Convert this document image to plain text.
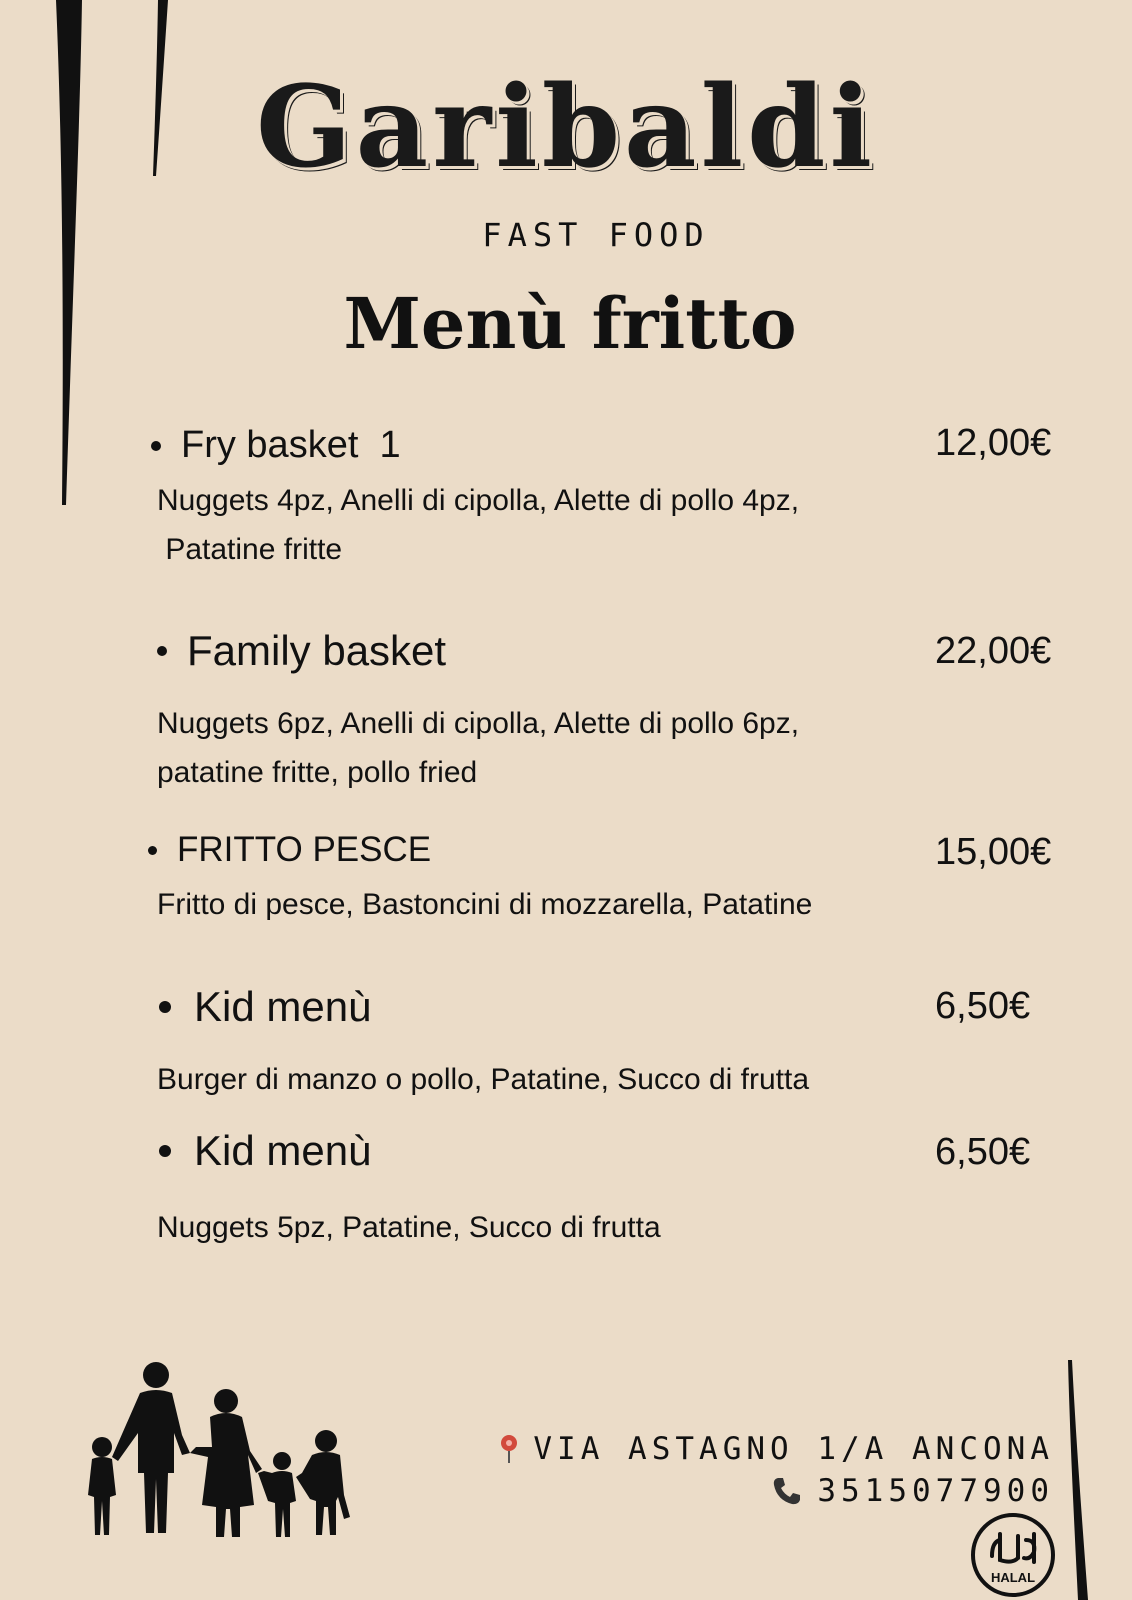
Garibaldi
FAST FOOD
Menù fritto
Fry basket  1	12,00€
Nuggets 4pz, Anelli di cipolla, Alette di pollo 4pz,
Patatine fritte
Family basket	22,00€
Nuggets 6pz, Anelli di cipolla, Alette di pollo 6pz,
patatine fritte, pollo fried
FRITTO PESCE	15,00€
Fritto di pesce, Bastoncini di mozzarella, Patatine
Kid menù	6,50€
Burger di manzo o pollo, Patatine, Succo di frutta
Kid menù	6,50€
Nuggets 5pz, Patatine, Succo di frutta
VIA ASTAGNO 1/A ANCONA
3515077900
HALAL
